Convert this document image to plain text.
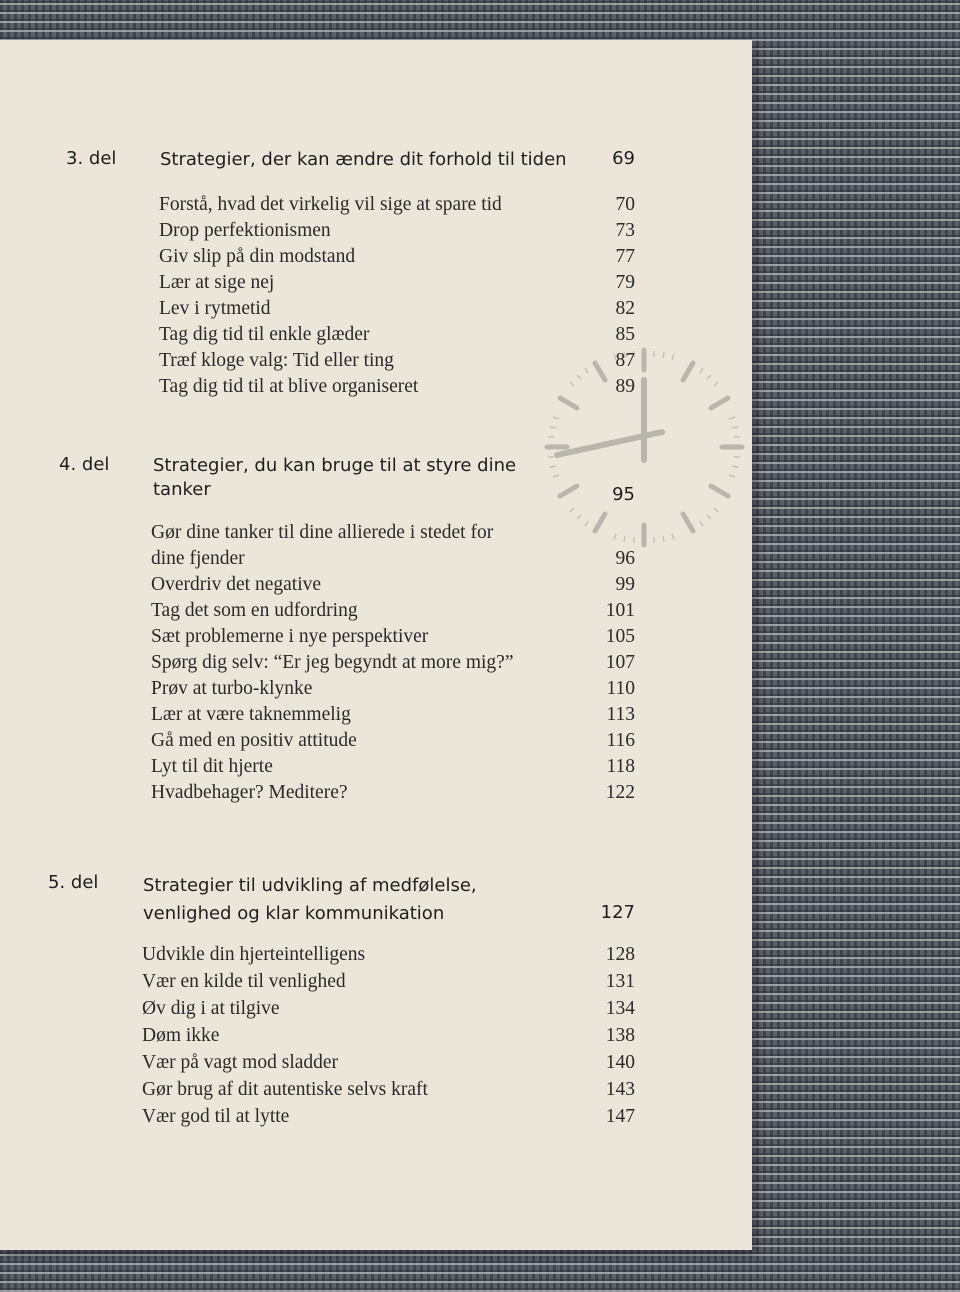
3. del Strategier, der kan ændre dit forhold til tiden	69
Forstå, hvad det virkelig vil sige at spare tid	70
Drop perfektionismen	73
Giv slip på din modstand	77
Lær at sige nej	79
Lev i rytmetid	82
Tag dig tid til enkle glæder	85
Træf kloge valg: Tid eller ting	87
Tag dig tid til at blive organiseret	89
4. del Strategier, du kan bruge til at styre dine tanker	95
Gør dine tanker til dine allierede i stedet for dine fjender	96
Overdriv det negative	99
Tag det som en udfordring	101
Sæt problemerne i nye perspektiver	105
Spørg dig selv: “Er jeg begyndt at more mig?”	107
Prøv at turbo-klynke	110
Lær at være taknemmelig	113
Gå med en positiv attitude	116
Lyt til dit hjerte	118
Hvadbehager? Meditere?	122
5. del Strategier til udvikling af medfølelse, venlighed og klar kommunikation	127
Udvikle din hjerteintelligens	128
Vær en kilde til venlighed	131
Øv dig i at tilgive	134
Døm ikke	138
Vær på vagt mod sladder	140
Gør brug af dit autentiske selvs kraft	143
Vær god til at lytte	147
